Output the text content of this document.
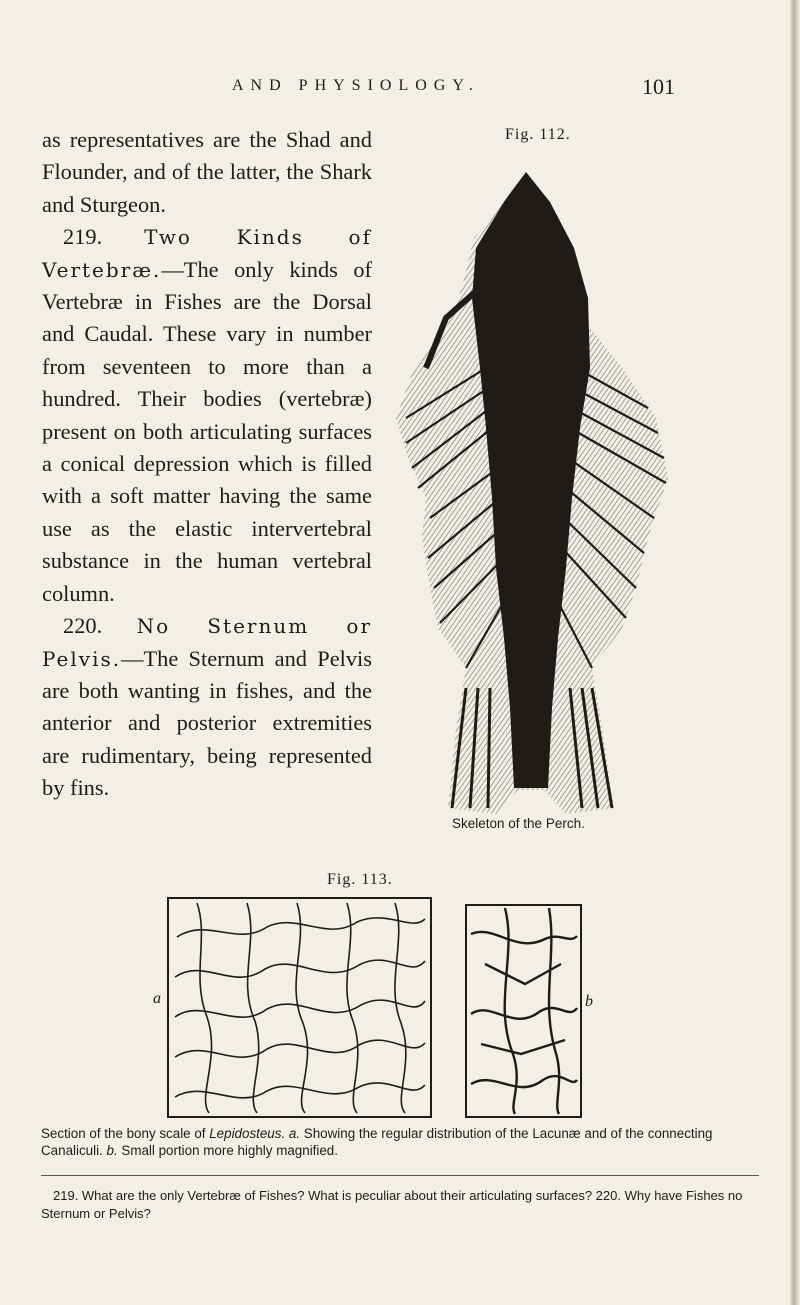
AND PHYSIOLOGY.	101

as representatives are the Shad and Flounder, and of the latter, the Shark and Sturgeon.

219. Two Kinds of Vertebræ.—The only kinds of Vertebræ in Fishes are the Dorsal and Caudal. These vary in number from seventeen to more than a hundred. Their bodies (vertebræ) present on both articulating surfaces a conical depression which is filled with a soft matter having the same use as the elastic intervertebral substance in the human vertebral column.

220. No Sternum or Pelvis.—The Sternum and Pelvis are both wanting in fishes, and the anterior and posterior extremities are rudimentary, being represented by fins.

Fig. 112.
Skeleton of the Perch.
Fig. 113.
a	b

Section of the bony scale of Lepidosteus. a. Showing the regular distribution of the Lacunæ and of the connecting Canaliculi. b. Small portion more highly magnified.

219. What are the only Vertebræ of Fishes? What is peculiar about their articulating surfaces? 220. Why have Fishes no Sternum or Pelvis?
